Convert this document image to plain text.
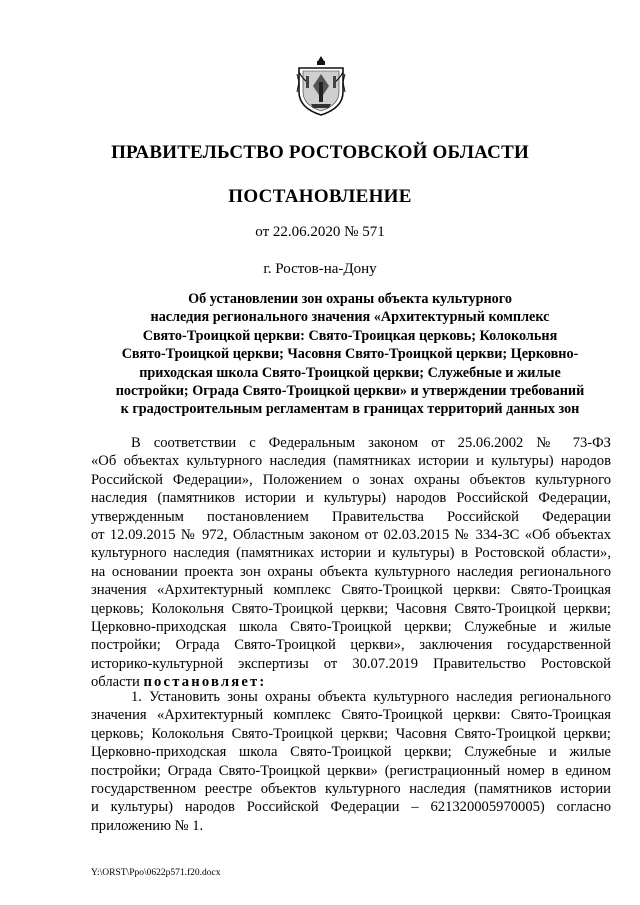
ПРАВИТЕЛЬСТВО РОСТОВСКОЙ ОБЛАСТИ
ПОСТАНОВЛЕНИЕ
от 22.06.2020 № 571
г. Ростов-на-Дону
Об установлении зон охраны объекта культурного
наследия регионального значения «Архитектурный комплекс
Свято-Троицкой церкви: Свято-Троицкая церковь; Колокольня
Свято-Троицкой церкви; Часовня Свято-Троицкой церкви; Церковно-
приходская школа Свято-Троицкой церкви; Служебные и жилые
постройки; Ограда Свято-Троицкой церкви» и утверждении требований
к градостроительным регламентам в границах территорий данных зон
В соответствии с Федеральным законом от 25.06.2002 № 73-ФЗ
«Об объектах культурного наследия (памятниках истории и культуры) народов
Российской Федерации», Положением о зонах охраны объектов культурного
наследия (памятников истории и культуры) народов Российской Федерации,
утвержденным постановлением Правительства Российской Федерации
от 12.09.2015 № 972, Областным законом от 02.03.2015 № 334-ЗС «Об объектах
культурного наследия (памятниках истории и культуры) в Ростовской области»,
на основании проекта зон охраны объекта культурного наследия регионального
значения «Архитектурный комплекс Свято-Троицкой церкви: Свято-Троицкая
церковь; Колокольня Свято-Троицкой церкви; Часовня Свято-Троицкой церкви;
Церковно-приходская школа Свято-Троицкой церкви; Служебные и жилые
постройки; Ограда Свято-Троицкой церкви», заключения государственной
историко-культурной экспертизы от 30.07.2019 Правительство Ростовской
области постановляет:
1. Установить зоны охраны объекта культурного наследия регионального
значения «Архитектурный комплекс Свято-Троицкой церкви: Свято-Троицкая
церковь; Колокольня Свято-Троицкой церкви; Часовня Свято-Троицкой церкви;
Церковно-приходская школа Свято-Троицкой церкви; Служебные и жилые
постройки; Ограда Свято-Троицкой церкви» (регистрационный номер в едином
государственном реестре объектов культурного наследия (памятников истории
и культуры) народов Российской Федерации – 621320005970005) согласно
приложению № 1.
Y:\ORST\Ppo\0622p571.f20.docx
